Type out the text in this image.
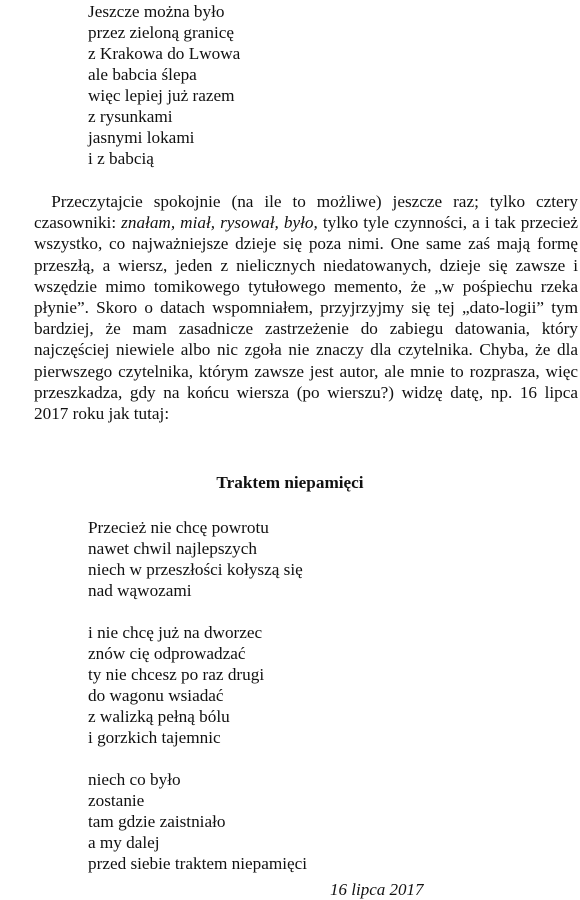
Jeszcze można było
przez zieloną granicę
z Krakowa do Lwowa
ale babcia ślepa
więc lepiej już razem
z rysunkami
jasnymi lokami
i z babcią

 Przeczytajcie spokojnie (na ile to możliwe) jeszcze raz; tylko cztery czasowniki: znałam, miał, rysował, było, tylko tyle czynności, a i tak przecież wszystko, co najważniejsze dzieje się poza nimi. One same zaś mają formę przeszłą, a wiersz, jeden z nielicznych niedatowanych, dzieje się zawsze i wszędzie mimo tomikowego tytułowego memento, że „w pośpiechu rzeka płynie”. Skoro o datach wspomniałem, przyjrzyjmy się tej „dato-logii” tym bardziej, że mam zasadnicze zastrzeżenie do zabiegu datowania, który najczęściej niewiele albo nic zgoła nie znaczy dla czytelnika. Chyba, że dla pierwszego czytelnika, którym zawsze jest autor, ale mnie to rozprasza, więc przeszkadza, gdy na końcu wiersza (po wierszu?) widzę datę, np. 16 lipca 2017 roku jak tutaj:

Traktem niepamięci
Przecież nie chcę powrotu
nawet chwil najlepszych
niech w przeszłości kołyszą się
nad wąwozami
i nie chcę już na dworzec
znów cię odprowadzać
ty nie chcesz po raz drugi
do wagonu wsiadać
z walizką pełną bólu
i gorzkich tajemnic
niech co było
zostanie
tam gdzie zaistniało
a my dalej
przed siebie traktem niepamięci
16 lipca 2017
